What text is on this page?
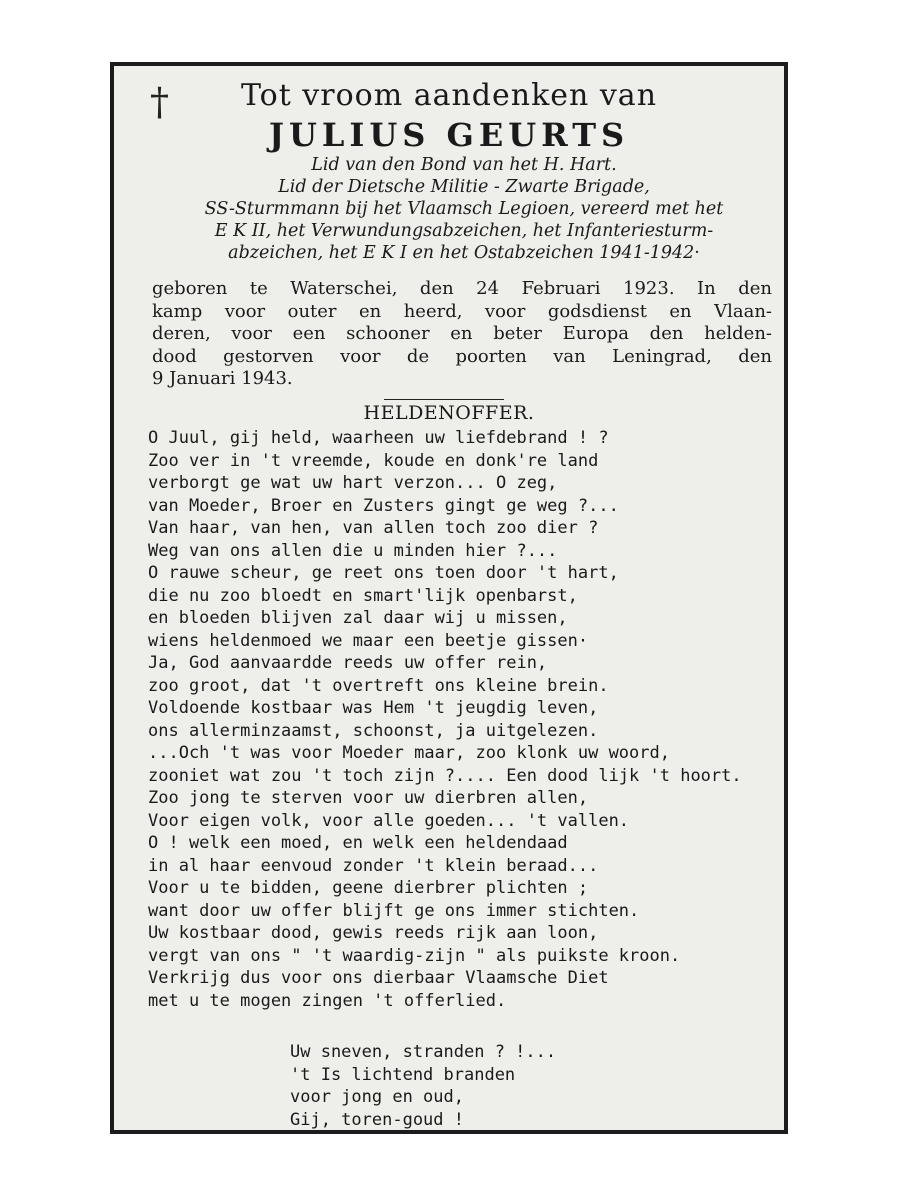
†	Tot vroom aandenken van
JULIUS GEURTS
Lid van den Bond van het H. Hart.
Lid der Dietsche Militie - Zwarte Brigade,
SS-Sturmmann bij het Vlaamsch Legioen, vereerd met het
E K II, het Verwundungsabzeichen, het Infanteriesturm-
abzeichen, het E K I en het Ostabzeichen 1941-1942·
geboren te Waterschei, den 24 Februari 1923. In den
kamp voor outer en heerd, voor godsdienst en Vlaan-
deren, voor een schooner en beter Europa den helden-
dood gestorven voor de poorten van Leningrad, den
9 Januari 1943.
HELDENOFFER.
O Juul, gij held, waarheen uw liefdebrand ! ?
Zoo ver in 't vreemde, koude en donk're land
verborgt ge wat uw hart verzon... O zeg,
van Moeder, Broer en Zusters gingt ge weg ?...
Van haar, van hen, van allen toch zoo dier ?
Weg van ons allen die u minden hier ?...
O rauwe scheur, ge reet ons toen door 't hart,
die nu zoo bloedt en smart'lijk openbarst,
en bloeden blijven zal daar wij u missen,
wiens heldenmoed we maar een beetje gissen·
Ja, God aanvaardde reeds uw offer rein,
zoo groot, dat 't overtreft ons kleine brein.
Voldoende kostbaar was Hem 't jeugdig leven,
ons allerminzaamst, schoonst, ja uitgelezen.
...Och 't was voor Moeder maar, zoo klonk uw woord,
zooniet wat zou 't toch zijn ?.... Een dood lijk 't hoort.
Zoo jong te sterven voor uw dierbren allen,
Voor eigen volk, voor alle goeden... 't vallen.
O ! welk een moed, en welk een heldendaad
in al haar eenvoud zonder 't klein beraad...
Voor u te bidden, geene dierbrer plichten ;
want door uw offer blijft ge ons immer stichten.
Uw kostbaar dood, gewis reeds rijk aan loon,
vergt van ons " 't waardig-zijn " als puikste kroon.
Verkrijg dus voor ons dierbaar Vlaamsche Diet
met u te mogen zingen 't offerlied.
Uw sneven, stranden ? !...
't Is lichtend branden
voor jong en oud,
Gij, toren-goud !
